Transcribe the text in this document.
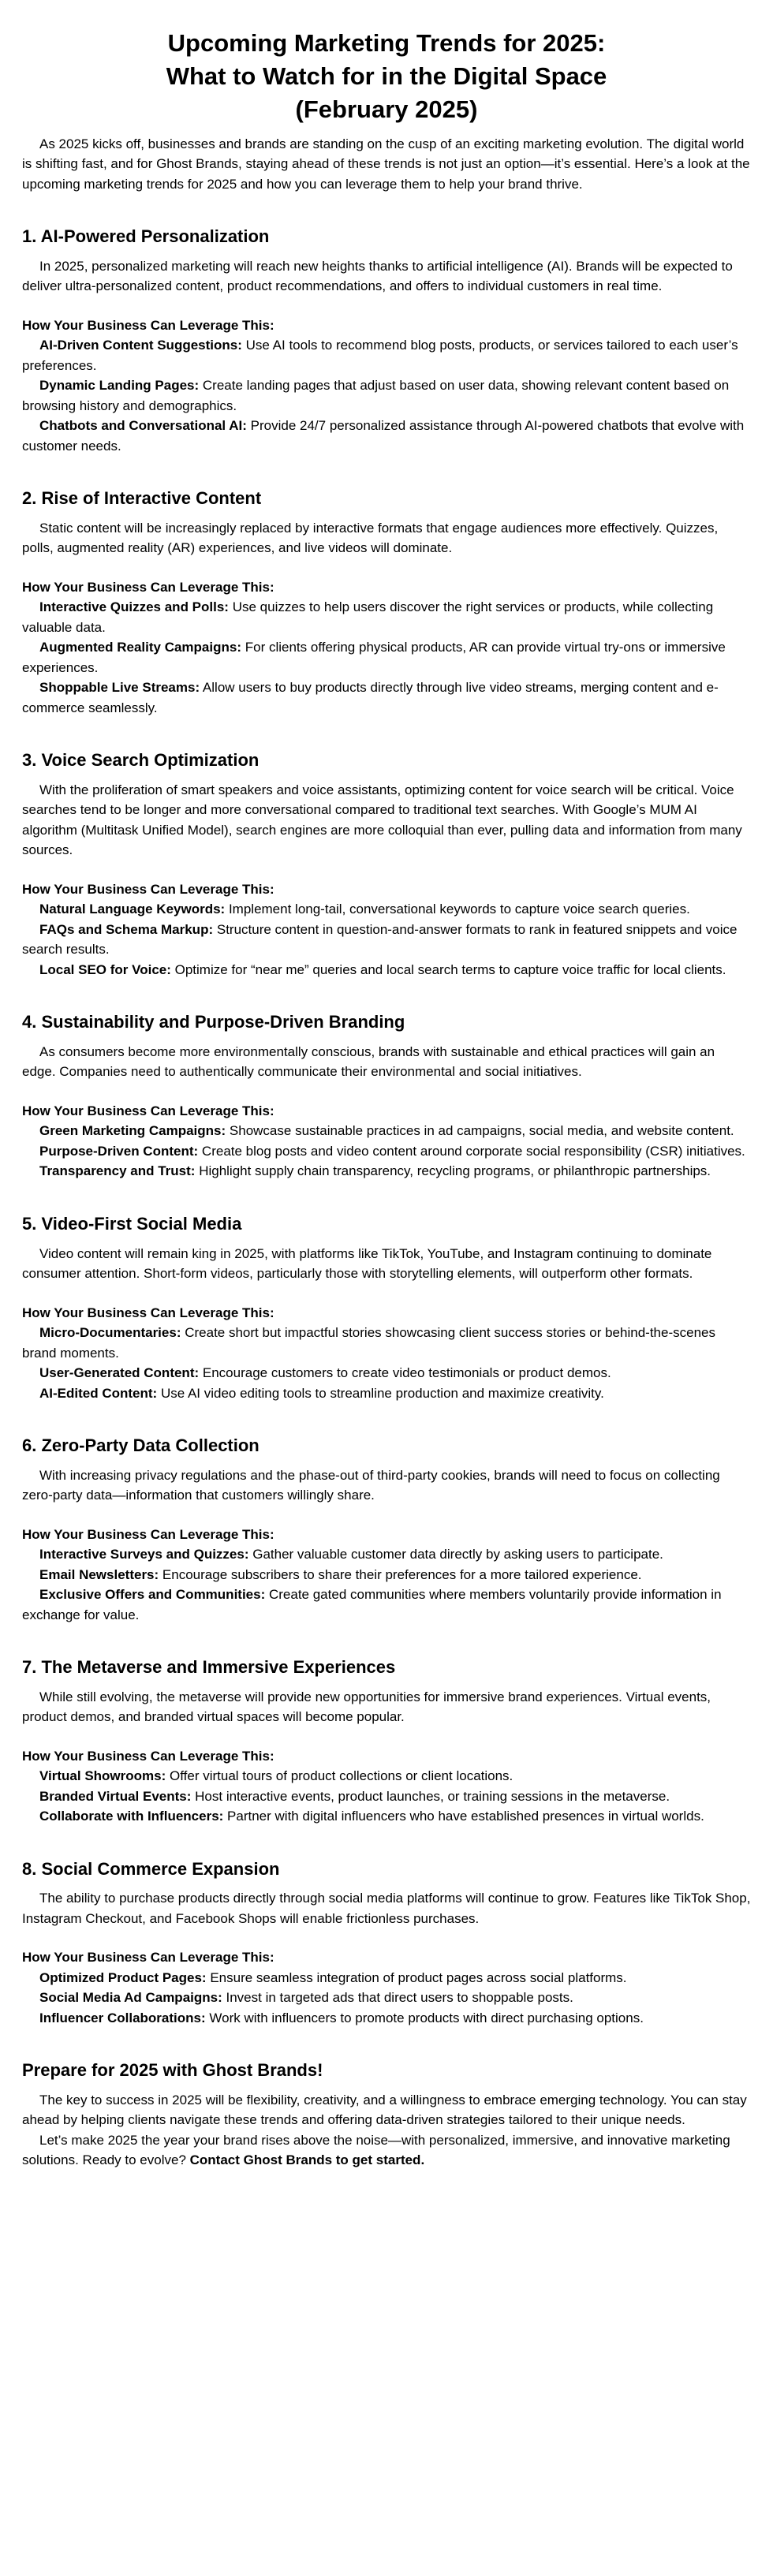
Upcoming Marketing Trends for 2025:
What to Watch for in the Digital Space
(February 2025)

As 2025 kicks off, businesses and brands are standing on the cusp of an exciting marketing evolution. The digital world is shifting fast, and for Ghost Brands, staying ahead of these trends is not just an option—it’s essential. Here’s a look at the upcoming marketing trends for 2025 and how you can leverage them to help your brand thrive.

1. AI-Powered Personalization

In 2025, personalized marketing will reach new heights thanks to artificial intelligence (AI). Brands will be expected to deliver ultra-personalized content, product recommendations, and offers to individual customers in real time.

How Your Business Can Leverage This:

AI-Driven Content Suggestions: Use AI tools to recommend blog posts, products, or services tailored to each user’s preferences.

Dynamic Landing Pages: Create landing pages that adjust based on user data, showing relevant content based on browsing history and demographics.

Chatbots and Conversational AI: Provide 24/7 personalized assistance through AI-powered chatbots that evolve with customer needs.

2. Rise of Interactive Content

Static content will be increasingly replaced by interactive formats that engage audiences more effectively. Quizzes, polls, augmented reality (AR) experiences, and live videos will dominate.

How Your Business Can Leverage This:

Interactive Quizzes and Polls: Use quizzes to help users discover the right services or products, while collecting valuable data.

Augmented Reality Campaigns: For clients offering physical products, AR can provide virtual try-ons or immersive experiences.

Shoppable Live Streams: Allow users to buy products directly through live video streams, merging content and e-commerce seamlessly.

3. Voice Search Optimization

With the proliferation of smart speakers and voice assistants, optimizing content for voice search will be critical. Voice searches tend to be longer and more conversational compared to traditional text searches. With Google’s MUM AI algorithm (Multitask Unified Model), search engines are more colloquial than ever, pulling data and information from many sources.

How Your Business Can Leverage This:

Natural Language Keywords: Implement long-tail, conversational keywords to capture voice search queries.

FAQs and Schema Markup: Structure content in question-and-answer formats to rank in featured snippets and voice search results.

Local SEO for Voice: Optimize for “near me” queries and local search terms to capture voice traffic for local clients.

4. Sustainability and Purpose-Driven Branding

As consumers become more environmentally conscious, brands with sustainable and ethical practices will gain an edge. Companies need to authentically communicate their environmental and social initiatives.

How Your Business Can Leverage This:

Green Marketing Campaigns: Showcase sustainable practices in ad campaigns, social media, and website content.

Purpose-Driven Content: Create blog posts and video content around corporate social responsibility (CSR) initiatives.

Transparency and Trust: Highlight supply chain transparency, recycling programs, or philanthropic partnerships.

5. Video-First Social Media

Video content will remain king in 2025, with platforms like TikTok, YouTube, and Instagram continuing to dominate consumer attention. Short-form videos, particularly those with storytelling elements, will outperform other formats.

How Your Business Can Leverage This:

Micro-Documentaries: Create short but impactful stories showcasing client success stories or behind-the-scenes brand moments.

User-Generated Content: Encourage customers to create video testimonials or product demos.

AI-Edited Content: Use AI video editing tools to streamline production and maximize creativity.

6. Zero-Party Data Collection

With increasing privacy regulations and the phase-out of third-party cookies, brands will need to focus on collecting zero-party data—information that customers willingly share.

How Your Business Can Leverage This:

Interactive Surveys and Quizzes: Gather valuable customer data directly by asking users to participate.

Email Newsletters: Encourage subscribers to share their preferences for a more tailored experience.

Exclusive Offers and Communities: Create gated communities where members voluntarily provide information in exchange for value.

7. The Metaverse and Immersive Experiences

While still evolving, the metaverse will provide new opportunities for immersive brand experiences. Virtual events, product demos, and branded virtual spaces will become popular.

How Your Business Can Leverage This:

Virtual Showrooms: Offer virtual tours of product collections or client locations.

Branded Virtual Events: Host interactive events, product launches, or training sessions in the metaverse.

Collaborate with Influencers: Partner with digital influencers who have established presences in virtual worlds.

8. Social Commerce Expansion

The ability to purchase products directly through social media platforms will continue to grow. Features like TikTok Shop, Instagram Checkout, and Facebook Shops will enable frictionless purchases.

How Your Business Can Leverage This:

Optimized Product Pages: Ensure seamless integration of product pages across social platforms.

Social Media Ad Campaigns: Invest in targeted ads that direct users to shoppable posts.

Influencer Collaborations: Work with influencers to promote products with direct purchasing options.

Prepare for 2025 with Ghost Brands!

The key to success in 2025 will be flexibility, creativity, and a willingness to embrace emerging technology. You can stay ahead by helping clients navigate these trends and offering data-driven strategies tailored to their unique needs.

Let’s make 2025 the year your brand rises above the noise—with personalized, immersive, and innovative marketing solutions. Ready to evolve? Contact Ghost Brands to get started.
